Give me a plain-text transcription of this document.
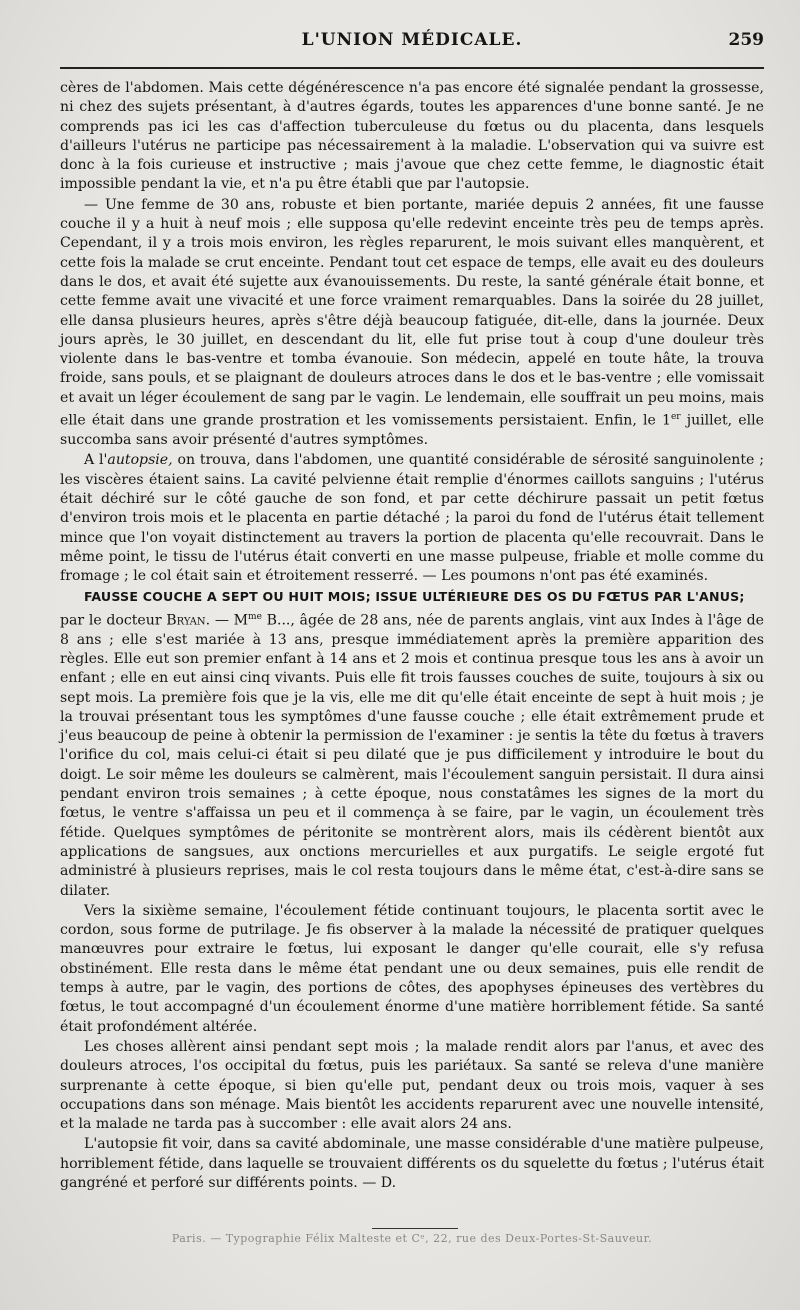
L'UNION MÉDICALE.	259

cères de l'abdomen. Mais cette dégénérescence n'a pas encore été signalée pendant la grossesse, ni chez des sujets présentant, à d'autres égards, toutes les apparences d'une bonne santé. Je ne comprends pas ici les cas d'affection tuberculeuse du fœtus ou du placenta, dans lesquels d'ailleurs l'utérus ne participe pas nécessairement à la maladie. L'observation qui va suivre est donc à la fois curieuse et instructive ; mais j'avoue que chez cette femme, le diagnostic était impossible pendant la vie, et n'a pu être établi que par l'autopsie.

— Une femme de 30 ans, robuste et bien portante, mariée depuis 2 années, fit une fausse couche il y a huit à neuf mois ; elle supposa qu'elle redevint enceinte très peu de temps après. Cependant, il y a trois mois environ, les règles reparurent, le mois suivant elles manquèrent, et cette fois la malade se crut enceinte. Pendant tout cet espace de temps, elle avait eu des douleurs dans le dos, et avait été sujette aux évanouissements. Du reste, la santé générale était bonne, et cette femme avait une vivacité et une force vraiment remarquables. Dans la soirée du 28 juillet, elle dansa plusieurs heures, après s'être déjà beaucoup fatiguée, dit-elle, dans la journée. Deux jours après, le 30 juillet, en descendant du lit, elle fut prise tout à coup d'une douleur très violente dans le bas-ventre et tomba évanouie. Son médecin, appelé en toute hâte, la trouva froide, sans pouls, et se plaignant de douleurs atroces dans le dos et le bas-ventre ; elle vomissait et avait un léger écoulement de sang par le vagin. Le lendemain, elle souffrait un peu moins, mais elle était dans une grande prostration et les vomissements persistaient. Enfin, le 1er juillet, elle succomba sans avoir présenté d'autres symptômes.

A l'autopsie, on trouva, dans l'abdomen, une quantité considérable de sérosité sanguinolente ; les viscères étaient sains. La cavité pelvienne était remplie d'énormes caillots sanguins ; l'utérus était déchiré sur le côté gauche de son fond, et par cette déchirure passait un petit fœtus d'environ trois mois et le placenta en partie détaché ; la paroi du fond de l'utérus était tellement mince que l'on voyait distinctement au travers la portion de placenta qu'elle recouvrait. Dans le même point, le tissu de l'utérus était converti en une masse pulpeuse, friable et molle comme du fromage ; le col était sain et étroitement resserré. — Les poumons n'ont pas été examinés.

FAUSSE COUCHE A SEPT OU HUIT MOIS; ISSUE ULTÉRIEURE DES OS DU FŒTUS PAR L'ANUS;

par le docteur Bryan. — $M^{me}$ B..., âgée de 28 ans, née de parents anglais, vint aux Indes à l'âge de 8 ans ; elle s'est mariée à 13 ans, presque immédiatement après la première apparition des règles. Elle eut son premier enfant à 14 ans et 2 mois et continua presque tous les ans à avoir un enfant ; elle en eut ainsi cinq vivants. Puis elle fit trois fausses couches de suite, toujours à six ou sept mois. La première fois que je la vis, elle me dit qu'elle était enceinte de sept à huit mois ; je la trouvai présentant tous les symptômes d'une fausse couche ; elle était extrêmement prude et j'eus beaucoup de peine à obtenir la permission de l'examiner : je sentis la tête du fœtus à travers l'orifice du col, mais celui-ci était si peu dilaté que je pus difficilement y introduire le bout du doigt. Le soir même les douleurs se calmèrent, mais l'écoulement sanguin persistait. Il dura ainsi pendant environ trois semaines ; à cette époque, nous constatâmes les signes de la mort du fœtus, le ventre s'affaissa un peu et il commença à se faire, par le vagin, un écoulement très fétide. Quelques symptômes de péritonite se montrèrent alors, mais ils cédèrent bientôt aux applications de sangsues, aux onctions mercurielles et aux purgatifs. Le seigle ergoté fut administré à plusieurs reprises, mais le col resta toujours dans le même état, c'est-à-dire sans se dilater.

Vers la sixième semaine, l'écoulement fétide continuant toujours, le placenta sortit avec le cordon, sous forme de putrilage. Je fis observer à la malade la nécessité de pratiquer quelques manœuvres pour extraire le fœtus, lui exposant le danger qu'elle courait, elle s'y refusa obstinément. Elle resta dans le même état pendant une ou deux semaines, puis elle rendit de temps à autre, par le vagin, des portions de côtes, des apophyses épineuses des vertèbres du fœtus, le tout accompagné d'un écoulement énorme d'une matière horriblement fétide. Sa santé était profondément altérée.

Les choses allèrent ainsi pendant sept mois ; la malade rendit alors par l'anus, et avec des douleurs atroces, l'os occipital du fœtus, puis les pariétaux. Sa santé se releva d'une manière surprenante à cette époque, si bien qu'elle put, pendant deux ou trois mois, vaquer à ses occupations dans son ménage. Mais bientôt les accidents reparurent avec une nouvelle intensité, et la malade ne tarda pas à succomber : elle avait alors 24 ans.

L'autopsie fit voir, dans sa cavité abdominale, une masse considérable d'une matière pulpeuse, horriblement fétide, dans laquelle se trouvaient différents os du squelette du fœtus ; l'utérus était gangréné et perforé sur différents points. — D.

Paris. — Typographie Félix Malteste et Cᵉ, 22, rue des Deux-Portes-St-Sauveur.
